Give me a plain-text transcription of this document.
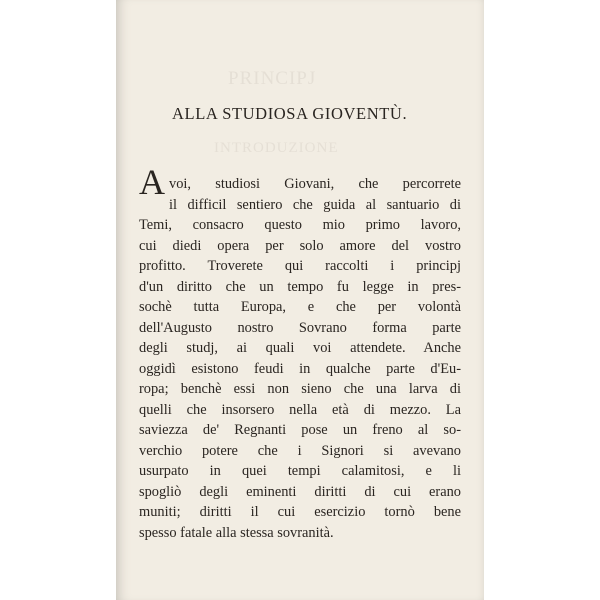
ALLA STUDIOSA GIOVENTÙ.
A voi, studiosi Giovani, che percorrete
il difficil sentiero che guida al santuario di
Temi, consacro questo mio primo lavoro,
cui diedi opera per solo amore del vostro
profitto. Troverete qui raccolti i principj
d'un diritto che un tempo fu legge in pres-
sochè tutta Europa, e che per volontà
dell'Augusto nostro Sovrano forma parte
degli studj, ai quali voi attendete. Anche
oggidì esistono feudi in qualche parte d'Eu-
ropa; benchè essi non sieno che una larva di
quelli che insorsero nella età di mezzo. La
saviezza de' Regnanti pose un freno al so-
verchio potere che i Signori si avevano
usurpato in quei tempi calamitosi, e li
spogliò degli eminenti diritti di cui erano
muniti; diritti il cui esercizio tornò bene
spesso fatale alla stessa sovranità.
